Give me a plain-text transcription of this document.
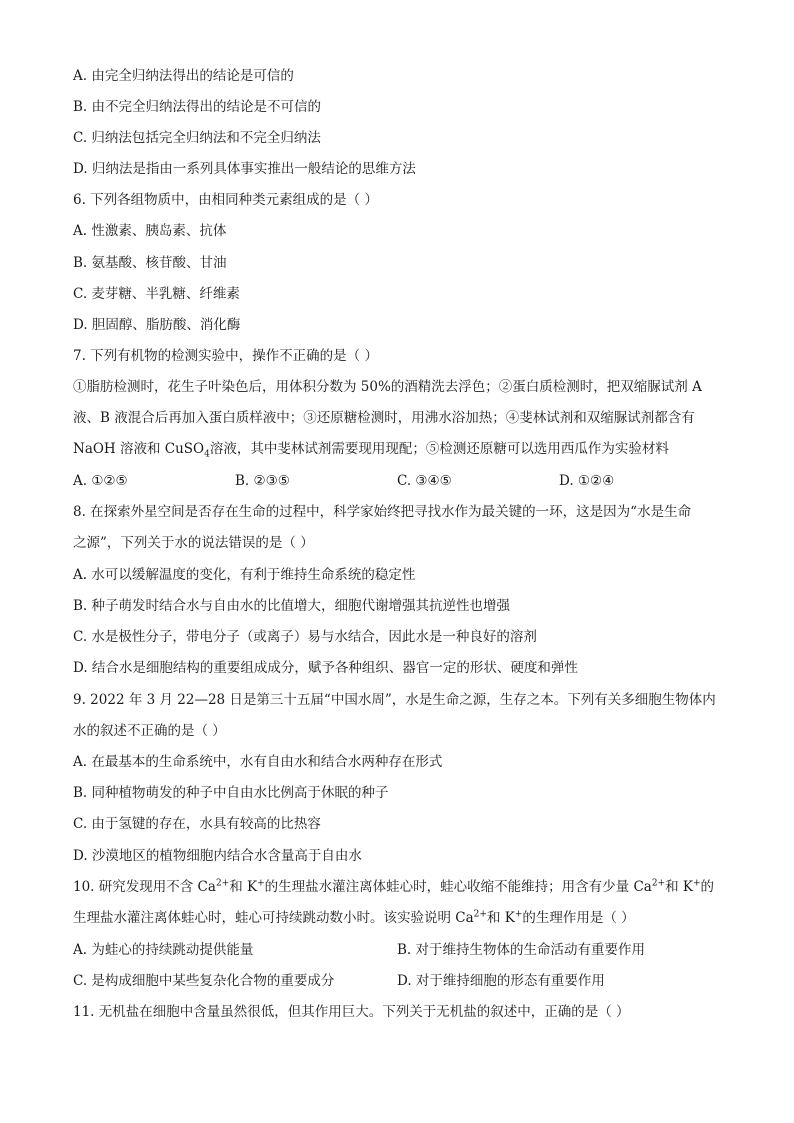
A. 由完全归纳法得出的结论是可信的
B. 由不完全归纳法得出的结论是不可信的
C. 归纳法包括完全归纳法和不完全归纳法
D. 归纳法是指由一系列具体事实推出一般结论的思维方法
6. 下列各组物质中，由相同种类元素组成的是（ ）
A. 性激素、胰岛素、抗体
B. 氨基酸、核苷酸、甘油
C. 麦芽糖、半乳糖、纤维素
D. 胆固醇、脂肪酸、消化酶
7. 下列有机物的检测实验中，操作不正确的是（ ）
①脂肪检测时，花生子叶染色后，用体积分数为 50%的酒精洗去浮色；②蛋白质检测时，把双缩脲试剂 A
液、B 液混合后再加入蛋白质样液中；③还原糖检测时，用沸水浴加热；④斐林试剂和双缩脲试剂都含有
NaOH 溶液和 CuSO$_4$溶液，其中斐林试剂需要现用现配；⑤检测还原糖可以选用西瓜作为实验材料
A. ①②⑤	B. ②③⑤	C. ③④⑤	D. ①②④
8. 在探索外星空间是否存在生命的过程中，科学家始终把寻找水作为最关键的一环，这是因为“水是生命
之源”，下列关于水的说法错误的是（ ）
A. 水可以缓解温度的变化，有利于维持生命系统的稳定性
B. 种子萌发时结合水与自由水的比值增大，细胞代谢增强其抗逆性也增强
C. 水是极性分子，带电分子（或离子）易与水结合，因此水是一种良好的溶剂
D. 结合水是细胞结构的重要组成成分，赋予各种组织、器官一定的形状、硬度和弹性
9. 2022 年 3 月 22—28 日是第三十五届“中国水周”，水是生命之源，生存之本。下列有关多细胞生物体内
水的叙述不正确的是（ ）
A. 在最基本的生命系统中，水有自由水和结合水两种存在形式
B. 同种植物萌发的种子中自由水比例高于休眠的种子
C. 由于氢键的存在，水具有较高的比热容
D. 沙漠地区的植物细胞内结合水含量高于自由水
10. 研究发现用不含 $Ca^{2+}$和 K+的生理盐水灌注离体蛙心时，蛙心收缩不能维持；用含有少量 $Ca^{2+}$和 K+的
生理盐水灌注离体蛙心时，蛙心可持续跳动数小时。该实验说明 $Ca^{2+}$和 K+的生理作用是（ ）
A. 为蛙心的持续跳动提供能量	B. 对于维持生物体的生命活动有重要作用
C. 是构成细胞中某些复杂化合物的重要成分	D. 对于维持细胞的形态有重要作用
11. 无机盐在细胞中含量虽然很低，但其作用巨大。下列关于无机盐的叙述中，正确的是（ ）
